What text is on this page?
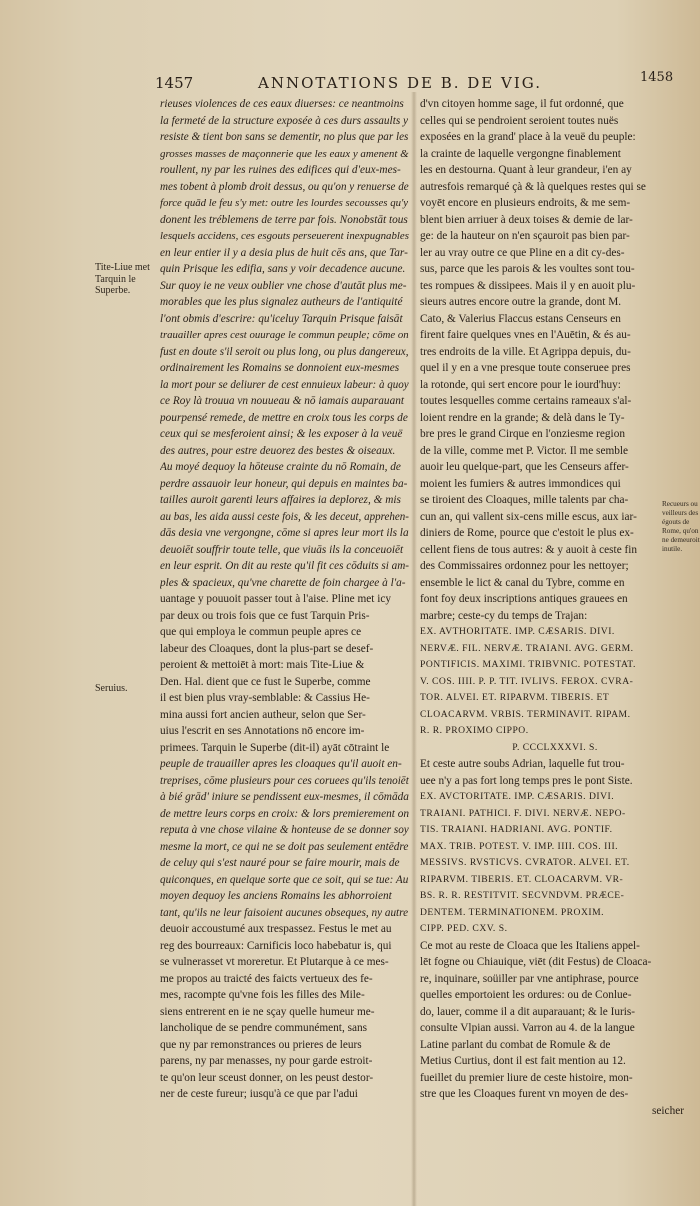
1457	ANNOTATIONS DE B. DE VIG.	1458
Tite-Liue met
Tarquin le
Superbe.
Seruius.
Recueurs ou
veilleurs des
égouts de
Rome, qu'on
ne demeuroit
inutile.
rieuses violences de ces eaux diuerses: ce neantmoins
la fermeté de la structure exposée à ces durs assaults y
resiste & tient bon sans se dementir, no plus que par les
grosses masses de maçonnerie que les eaux y amenent &
roullent, ny par les ruines des edifices qui d'eux-mes-
mes tobent à plomb droit dessus, ou qu'on y renuerse de
force quād le feu s'y met: outre les lourdes secousses qu'y
donent les tréblemens de terre par fois. Nonobstāt tous
lesquels accidens, ces esgouts perseuerent inexpugnables
en leur entier il y a desia plus de huit cēs ans, que Tar-
quin Prisque les edifia, sans y voir decadence aucune.
Sur quoy ie ne veux oublier vne chose d'autāt plus me-
morables que les plus signalez autheurs de l'antiquité
l'ont obmis d'escrire: qu'iceluy Tarquin Prisque faisāt
trauailler apres cest ouurage le commun peuple; cōme on
fust en doute s'il seroit ou plus long, ou plus dangereux,
ordinairement les Romains se donnoient eux-mesmes
la mort pour se deliurer de cest ennuieux labeur: à quoy
ce Roy là trouua vn nouueau & nō iamais auparauant
pourpensé remede, de mettre en croix tous les corps de
ceux qui se mesferoient ainsi; & les exposer à la veuë
des autres, pour estre deuorez des bestes & oiseaux.
Au moyé dequoy la hōteuse crainte du nō Romain, de
perdre assauoir leur honeur, qui depuis en maintes ba-
tailles auroit garenti leurs affaires ia deplorez, & mis
au bas, les aida aussi ceste fois, & les deceut, apprehen-
dās desia vne vergongne, cōme si apres leur mort ils la
deuoiēt souffrir toute telle, que viuās ils la conceuoiēt
en leur esprit. On dit au reste qu'il fit ces cōduits si am-
ples & spacieux, qu'vne charette de foin chargee à l'a-
uantage y pouuoit passer tout à l'aise. Pline met icy
par deux ou trois fois que ce fust Tarquin Pris-
que qui employa le commun peuple apres ce
labeur des Cloaques, dont la plus-part se desef-
peroient & mettoiēt à mort: mais Tite-Liue &
Den. Hal. dient que ce fust le Superbe, comme
il est bien plus vray-semblable: & Cassius He-
mina aussi fort ancien autheur, selon que Ser-
uius l'escrit en ses Annotations nō encore im-
primees. Tarquin le Superbe (dit-il) ayāt cōtraint le
peuple de trauailler apres les cloaques qu'il auoit en-
treprises, cōme plusieurs pour ces coruees qu'ils tenoiēt
à bié grād' iniure se pendissent eux-mesmes, il cōmāda
de mettre leurs corps en croix: & lors premierement on
reputa à vne chose vilaine & honteuse de se donner soy
mesme la mort, ce qui ne se doit pas seulement entēdre
de celuy qui s'est nauré pour se faire mourir, mais de
quiconques, en quelque sorte que ce soit, qui se tue: Au
moyen dequoy les anciens Romains les abhorroient
tant, qu'ils ne leur faisoient aucunes obseques, ny autre
deuoir accoustumé aux trespassez. Festus le met au
reg des bourreaux: Carnificis loco habebatur is, qui
se vulnerasset vt moreretur. Et Plutarque à ce mes-
me propos au traicté des faicts vertueux des fe-
mes, racompte qu'vne fois les filles des Mile-
siens entrerent en ie ne sçay quelle humeur me-
lancholique de se pendre communément, sans
que ny par remonstrances ou prieres de leurs
parens, ny par menasses, ny pour garde estroit-
te qu'on leur sceust donner, on les peust destor-
ner de ceste fureur; iusqu'à ce que par l'adui
d'vn citoyen homme sage, il fut ordonné, que
celles qui se pendroient seroient toutes nuës
exposées en la grand' place à la veuë du peuple:
la crainte de laquelle vergongne finablement
les en destourna. Quant à leur grandeur, i'en ay
autresfois remarqué çà & là quelques restes qui se
voyēt encore en plusieurs endroits, & me sem-
blent bien arriuer à deux toises & demie de lar-
ge: de la hauteur on n'en sçauroit pas bien par-
ler au vray outre ce que Pline en a dit cy-des-
sus, parce que les parois & les voultes sont tou-
tes rompues & dissipees. Mais il y en auoit plu-
sieurs autres encore outre la grande, dont M.
Cato, & Valerius Flaccus estans Censeurs en
firent faire quelques vnes en l'Auētin, & és au-
tres endroits de la ville. Et Agrippa depuis, du-
quel il y en a vne presque toute conseruee pres
la rotonde, qui sert encore pour le iourd'huy:
toutes lesquelles comme certains rameaux s'al-
loient rendre en la grande; & delà dans le Ty-
bre pres le grand Cirque en l'onziesme region
de la ville, comme met P. Victor. Il me semble
auoir leu quelque-part, que les Censeurs affer-
moient les fumiers & autres immondices qui
se tiroient des Cloaques, mille talents par cha-
cun an, qui vallent six-cens mille escus, aux iar-
diniers de Rome, pource que c'estoit le plus ex-
cellent fiens de tous autres: & y auoit à ceste fin
des Commissaires ordonnez pour les nettoyer;
ensemble le lict & canal du Tybre, comme en
font foy deux inscriptions antiques grauees en
marbre; ceste-cy du temps de Trajan:
EX. AVTHORITATE. IMP. CÆSARIS. DIVI.
NERVÆ. FIL. NERVÆ. TRAIANI. AVG. GERM.
PONTIFICIS. MAXIMI. TRIBVNIC. POTESTAT.
V. COS. IIII. P. P. TIT. IVLIVS. FEROX. CVRA-
TOR. ALVEI. ET. RIPARVM. TIBERIS. ET
CLOACARVM. VRBIS. TERMINAVIT. RIPAM.
R. R. PROXIMO CIPPO.
P. CCCLXXXVI. S.
Et ceste autre soubs Adrian, laquelle fut trou-
uee n'y a pas fort long temps pres le pont Siste.
EX. AVCTORITATE. IMP. CÆSARIS. DIVI.
TRAIANI. PATHICI. F. DIVI. NERVÆ. NEPO-
TIS. TRAIANI. HADRIANI. AVG. PONTIF.
MAX. TRIB. POTEST. V. IMP. IIII. COS. III.
MESSIVS. RVSTICVS. CVRATOR. ALVEI. ET.
RIPARVM. TIBERIS. ET. CLOACARVM. VR-
BS. R. R. RESTITVIT. SECVNDVM. PRÆCE-
DENTEM. TERMINATIONEM. PROXIM.
CIPP. PED. CXV. S.
Ce mot au reste de Cloaca que les Italiens appel-
lēt fogne ou Chiauique, viēt (dit Festus) de Cloaca-
re, inquinare, soüiller par vne antiphrase, pource
quelles emportoient les ordures: ou de Conlue-
do, lauer, comme il a dit auparauant; & le Iuris-
consulte Vlpian aussi. Varron au 4. de la langue
Latine parlant du combat de Romule & de
Metius Curtius, dont il est fait mention au 12.
fueillet du premier liure de ceste histoire, mon-
stre que les Cloaques furent vn moyen de des-
seicher
